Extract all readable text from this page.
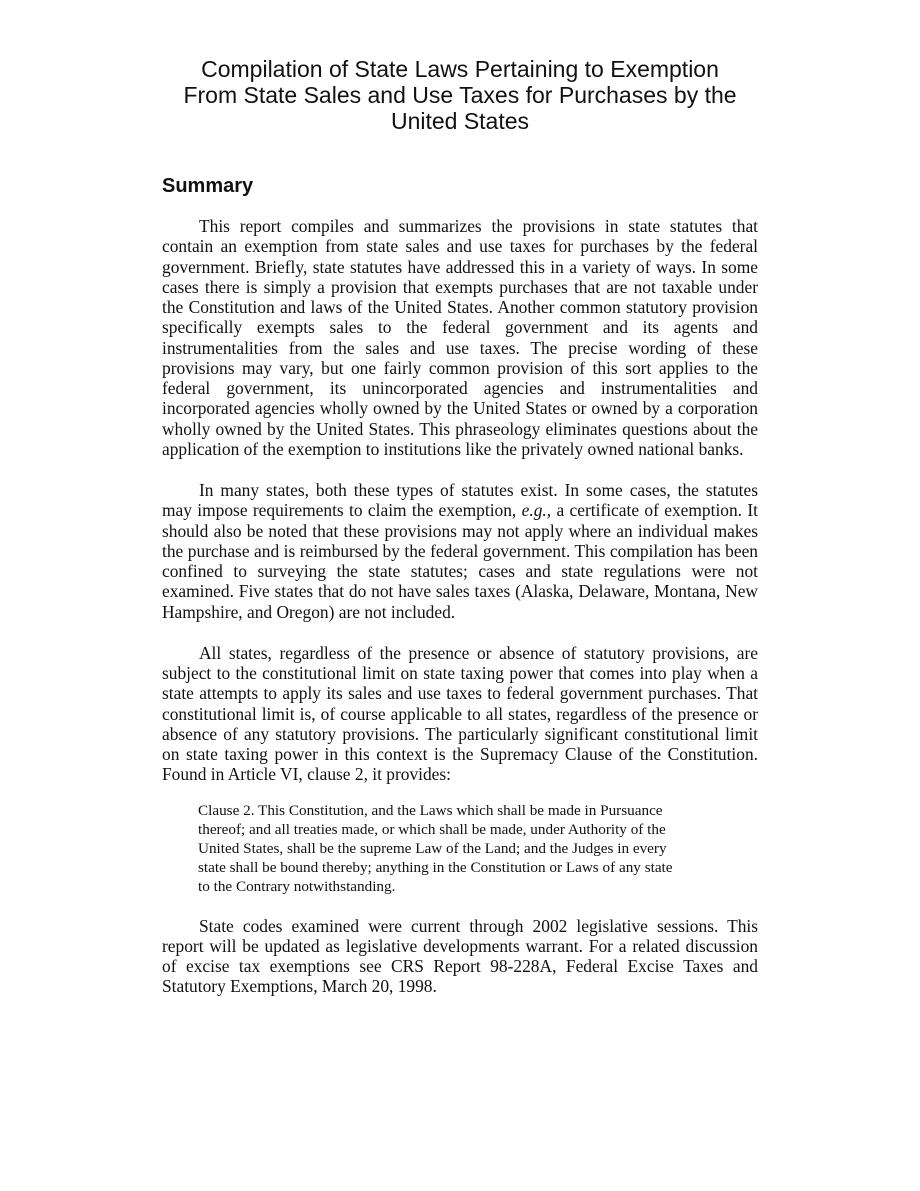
Compilation of State Laws Pertaining to Exemption
From State Sales and Use Taxes for Purchases by the
United States
Summary

This report compiles and summarizes the provisions in state statutes that contain an exemption from state sales and use taxes for purchases by the federal government. Briefly, state statutes have addressed this in a variety of ways. In some cases there is simply a provision that exempts purchases that are not taxable under the Constitution and laws of the United States. Another common statutory provision specifically exempts sales to the federal government and its agents and instrumentalities from the sales and use taxes. The precise wording of these provisions may vary, but one fairly common provision of this sort applies to the federal government, its unincorporated agencies and instrumentalities and incorporated agencies wholly owned by the United States or owned by a corporation wholly owned by the United States. This phraseology eliminates questions about the application of the exemption to institutions like the privately owned national banks.

In many states, both these types of statutes exist. In some cases, the statutes may impose requirements to claim the exemption, e.g., a certificate of exemption. It should also be noted that these provisions may not apply where an individual makes the purchase and is reimbursed by the federal government. This compilation has been confined to surveying the state statutes; cases and state regulations were not examined. Five states that do not have sales taxes (Alaska, Delaware, Montana, New Hampshire, and Oregon) are not included.

All states, regardless of the presence or absence of statutory provisions, are subject to the constitutional limit on state taxing power that comes into play when a state attempts to apply its sales and use taxes to federal government purchases. That constitutional limit is, of course applicable to all states, regardless of the presence or absence of any statutory provisions. The particularly significant constitutional limit on state taxing power in this context is the Supremacy Clause of the Constitution. Found in Article VI, clause 2, it provides:

Clause 2. This Constitution, and the Laws which shall be made in Pursuance
thereof; and all treaties made, or which shall be made, under Authority of the
United States, shall be the supreme Law of the Land; and the Judges in every
state shall be bound thereby; anything in the Constitution or Laws of any state
to the Contrary notwithstanding.

State codes examined were current through 2002 legislative sessions. This report will be updated as legislative developments warrant. For a related discussion of excise tax exemptions see CRS Report 98-228A, Federal Excise Taxes and Statutory Exemptions, March 20, 1998.
